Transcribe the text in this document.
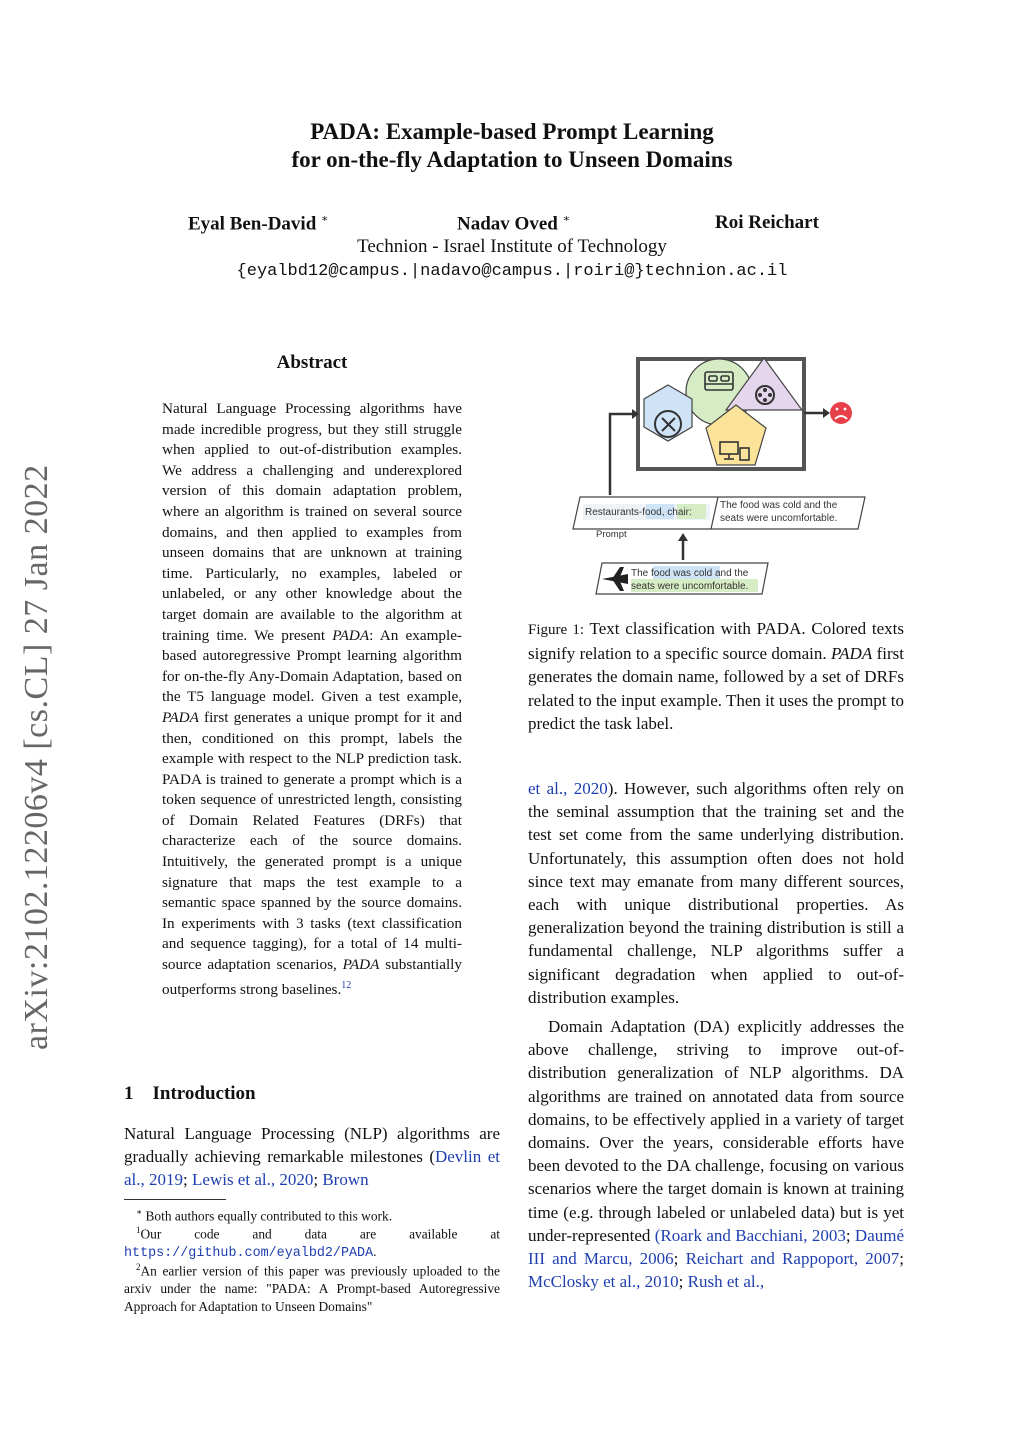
PADA: Example-based Prompt Learning
for on-the-fly Adaptation to Unseen Domains
Eyal Ben-David ∗	Nadav Oved ∗	Roi Reichart
Technion - Israel Institute of Technology
{eyalbd12@campus.|nadavo@campus.|roiri@}technion.ac.il
arXiv:2102.12206v4 [cs.CL] 27 Jan 2022
Abstract
Natural Language Processing algorithms have made incredible progress, but they still struggle when applied to out-of-distribution examples. We address a challenging and underexplored version of this domain adaptation problem, where an algorithm is trained on several source domains, and then applied to examples from unseen domains that are unknown at training time. Particularly, no examples, labeled or unlabeled, or any other knowledge about the target domain are available to the algorithm at training time. We present PADA: An example-based autoregressive Prompt learning algorithm for on-the-fly Any-Domain Adaptation, based on the T5 language model. Given a test example, PADA first generates a unique prompt for it and then, conditioned on this prompt, labels the example with respect to the NLP prediction task. PADA is trained to generate a prompt which is a token sequence of unrestricted length, consisting of Domain Related Features (DRFs) that characterize each of the source domains. Intuitively, the generated prompt is a unique signature that maps the test example to a semantic space spanned by the source domains. In experiments with 3 tasks (text classification and sequence tagging), for a total of 14 multi-source adaptation scenarios, PADA substantially outperforms strong baselines.$^{12}$
1 Introduction
Natural Language Processing (NLP) algorithms are gradually achieving remarkable milestones (Devlin et al., 2019; Lewis et al., 2020; Brown
∗ Both authors equally contributed to this work.
$^1$Our code and data are available at https://github.com/eyalbd2/PADA.
$^2$An earlier version of this paper was previously uploaded to the arxiv under the name: "PADA: A Prompt-based Autoregressive Approach for Adaptation to Unseen Domains"
Restaurants-food, chair:
The food was cold and the
seats were uncomfortable.
Prompt
The food was cold and the
seats were uncomfortable.
Figure 1: Text classification with PADA. Colored texts signify relation to a specific source domain. PADA first generates the domain name, followed by a set of DRFs related to the input example. Then it uses the prompt to predict the task label.
et al., 2020). However, such algorithms often rely on the seminal assumption that the training set and the test set come from the same underlying distribution. Unfortunately, this assumption often does not hold since text may emanate from many different sources, each with unique distributional properties. As generalization beyond the training distribution is still a fundamental challenge, NLP algorithms suffer a significant degradation when applied to out-of-distribution examples.
Domain Adaptation (DA) explicitly addresses the above challenge, striving to improve out-of-distribution generalization of NLP algorithms. DA algorithms are trained on annotated data from source domains, to be effectively applied in a variety of target domains. Over the years, considerable efforts have been devoted to the DA challenge, focusing on various scenarios where the target domain is known at training time (e.g. through labeled or unlabeled data) but is yet under-represented (Roark and Bacchiani, 2003; Daumé III and Marcu, 2006; Reichart and Rappoport, 2007; McClosky et al., 2010; Rush et al.,
